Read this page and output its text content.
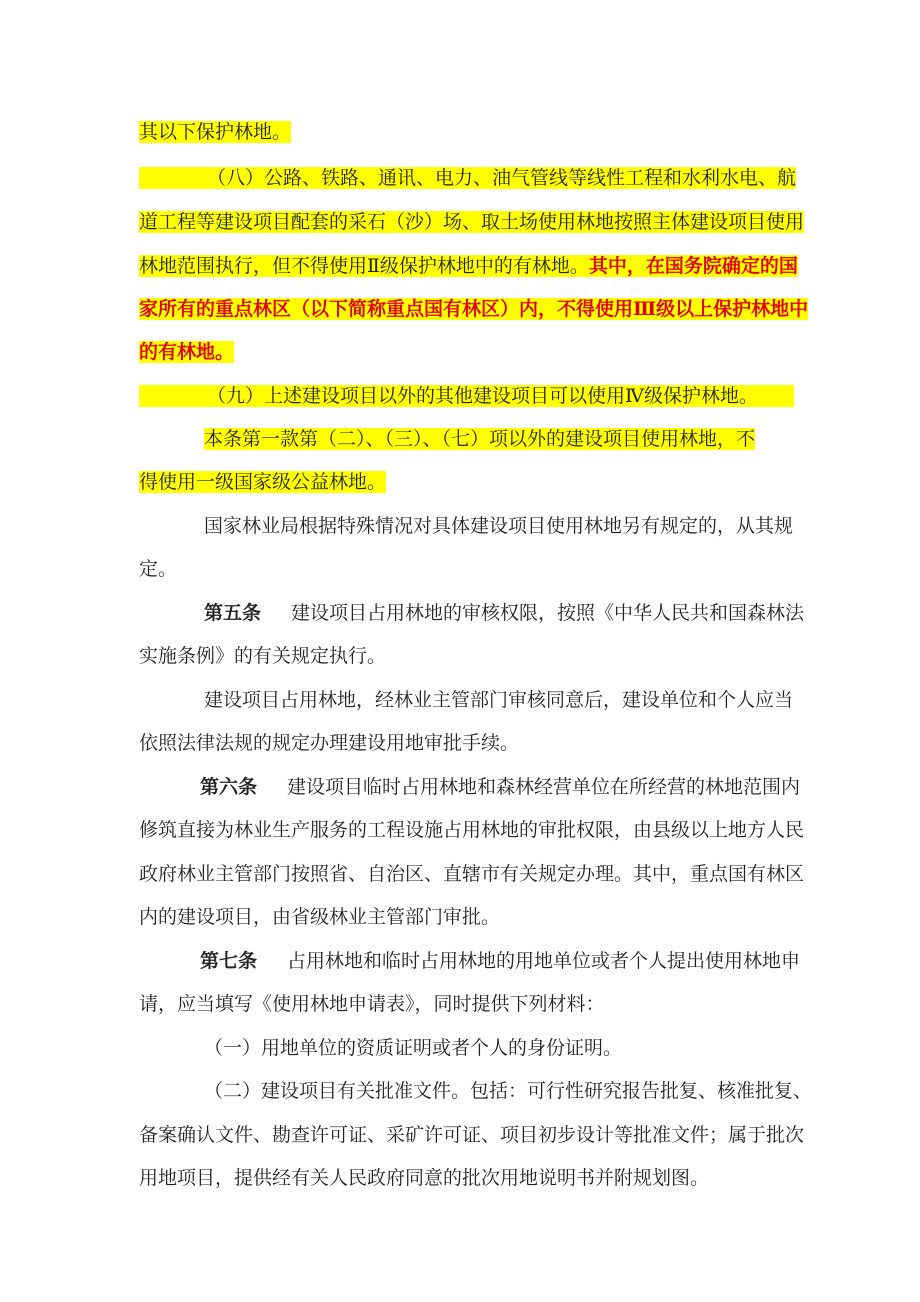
其以下保护林地。
（八）公路、铁路、通讯、电力、油气管线等线性工程和水利水电、航
道工程等建设项目配套的采石（沙）场、取土场使用林地按照主体建设项目使用
林地范围执行，但不得使用Ⅱ级保护林地中的有林地。其中，在国务院确定的国
家所有的重点林区（以下简称重点国有林区）内，不得使用Ⅲ级以上保护林地中
的有林地。
（九）上述建设项目以外的其他建设项目可以使用Ⅳ级保护林地。
本条第一款第（二）、（三）、（七）项以外的建设项目使用林地，不
得使用一级国家级公益林地。
国家林业局根据特殊情况对具体建设项目使用林地另有规定的，从其规
定。
第五条 建设项目占用林地的审核权限，按照《中华人民共和国森林法
实施条例》的有关规定执行。
建设项目占用林地，经林业主管部门审核同意后，建设单位和个人应当
依照法律法规的规定办理建设用地审批手续。
第六条 建设项目临时占用林地和森林经营单位在所经营的林地范围内
修筑直接为林业生产服务的工程设施占用林地的审批权限，由县级以上地方人民
政府林业主管部门按照省、自治区、直辖市有关规定办理。其中，重点国有林区
内的建设项目，由省级林业主管部门审批。
第七条 占用林地和临时占用林地的用地单位或者个人提出使用林地申
请，应当填写《使用林地申请表》，同时提供下列材料：
（一）用地单位的资质证明或者个人的身份证明。
（二）建设项目有关批准文件。包括：可行性研究报告批复、核准批复、
备案确认文件、勘查许可证、采矿许可证、项目初步设计等批准文件；属于批次
用地项目，提供经有关人民政府同意的批次用地说明书并附规划图。
